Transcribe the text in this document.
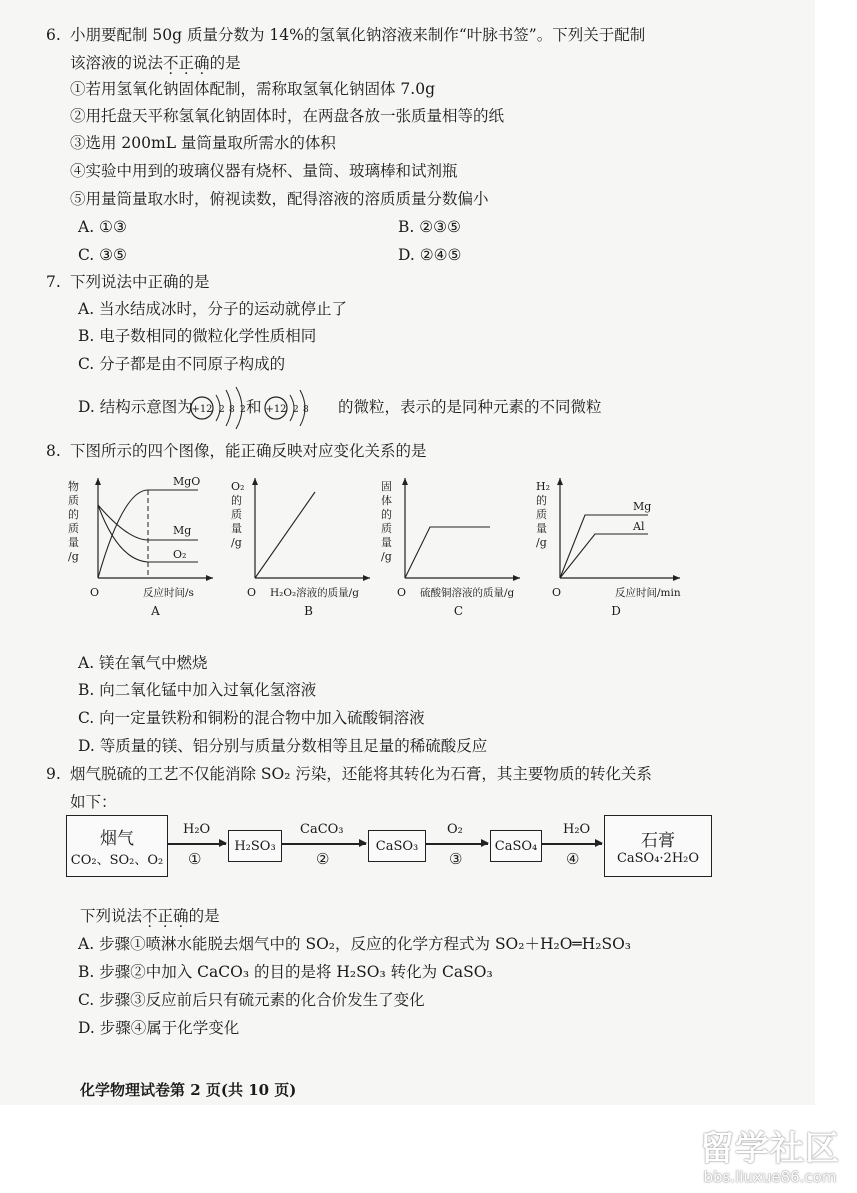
6. 小朋要配制 50g 质量分数为 14%的氢氧化钠溶液来制作“叶脉书签”。下列关于配制
该溶液的说法不正确的是
①若用氢氧化钠固体配制，需称取氢氧化钠固体 7.0g
②用托盘天平称氢氧化钠固体时，在两盘各放一张质量相等的纸
③选用 200mL 量筒量取所需水的体积
④实验中用到的玻璃仪器有烧杯、量筒、玻璃棒和试剂瓶
⑤用量筒量取水时，俯视读数，配得溶液的溶质质量分数偏小
A. ①③	B. ②③⑤
C. ③⑤	D. ②④⑤
7. 下列说法中正确的是
A. 当水结成冰时，分子的运动就停止了
B. 电子数相同的微粒化学性质相同
C. 分子都是由不同原子构成的
D. 结构示意图为
+12 2 8 2 和 +12 2 8 的微粒，表示的是同种元素的不同微粒
8. 下图所示的四个图像，能正确反映对应变化关系的是
物
质
的
质
量
/g
O	反应时间/s
A
O₂
的
质
量
/g
O H₂O₂溶液的质量/g
B
固
体
的
质
量
/g
O 硫酸铜溶液的质量/g
C
H₂
的
质
量
/g
O	反应时间/min
D
MgO
Mg
O₂
Mg
Al
A. 镁在氧气中燃烧
B. 向二氧化锰中加入过氧化氢溶液
C. 向一定量铁粉和铜粉的混合物中加入硫酸铜溶液
D. 等质量的镁、铝分别与质量分数相等且足量的稀硫酸反应
9. 烟气脱硫的工艺不仅能消除 SO₂ 污染，还能将其转化为石膏，其主要物质的转化关系
如下：
烟气
CO₂、SO₂、O₂
H₂O
①
H₂SO₃
CaCO₃
②
CaSO₃
O₂
③
CaSO₄
H₂O
④
石膏
CaSO₄·2H₂O
下列说法不正确的是
A. 步骤①喷淋水能脱去烟气中的 SO₂，反应的化学方程式为 SO₂＋H₂O═H₂SO₃
B. 步骤②中加入 CaCO₃ 的目的是将 H₂SO₃ 转化为 CaSO₃
C. 步骤③反应前后只有硫元素的化合价发生了变化
D. 步骤④属于化学变化
化学物理试卷第 2 页(共 10 页)
留学社区
bbs.liuxue86.com
